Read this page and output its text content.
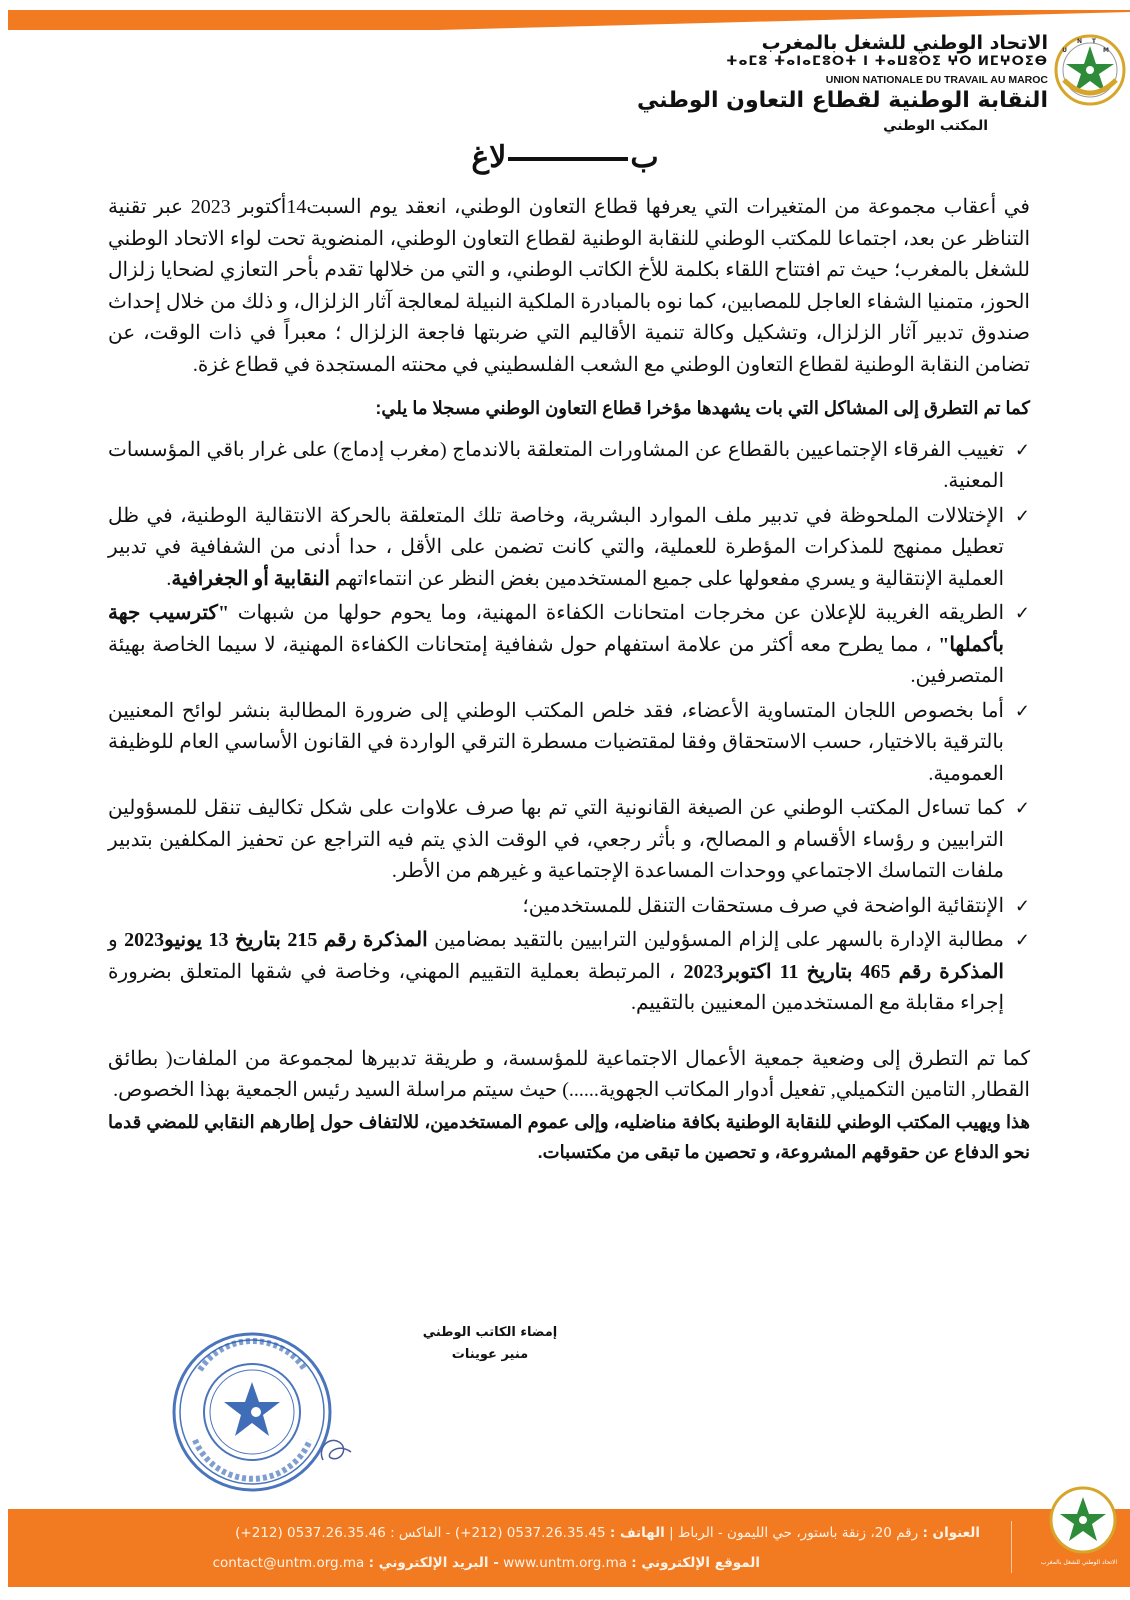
U
N T
M
الاتحاد الوطني للشغل بالمغرب
ⵜⴰⵎⵓ ⵜⴰⵏⴰⵎⵓⵔⵜ ⵏ ⵜⴰⵡⵓⵔⵉ ⵖⵔ ⵍⵎⵖⵔⵉⴱ
UNION NATIONALE DU TRAVAIL AU MAROC
النقابة الوطنية لقطاع التعاون الوطني
المكتب الوطني
بلاغ

في أعقاب مجموعة من المتغيرات التي يعرفها قطاع التعاون الوطني، انعقد يوم السبت14أكتوبر 2023 عبر تقنية التناظر عن بعد، اجتماعا للمكتب الوطني للنقابة الوطنية لقطاع التعاون الوطني، المنضوية تحت لواء الاتحاد الوطني للشغل بالمغرب؛ حيث تم افتتاح اللقاء بكلمة للأخ الكاتب الوطني، و التي من خلالها تقدم بأحر التعازي لضحايا زلزال الحوز، متمنيا الشفاء العاجل للمصابين، كما نوه بالمبادرة الملكية النبيلة لمعالجة آثار الزلزال، و ذلك من خلال إحداث صندوق تدبير آثار الزلزال، وتشكيل وكالة تنمية الأقاليم التي ضربتها فاجعة الزلزال ؛ معبراً في ذات الوقت، عن تضامن النقابة الوطنية لقطاع التعاون الوطني مع الشعب الفلسطيني في محنته المستجدة في قطاع غزة.

كما تم التطرق إلى المشاكل التي بات يشهدها مؤخرا قطاع التعاون الوطني مسجلا ما يلي:

✓
تغييب الفرقاء الإجتماعيين بالقطاع عن المشاورات المتعلقة بالاندماج (مغرب إدماج) على غرار باقي المؤسسات المعنية.
✓
الإختلالات الملحوظة في تدبير ملف الموارد البشرية، وخاصة تلك المتعلقة بالحركة الانتقالية الوطنية، في ظل تعطيل ممنهج للمذكرات المؤطرة للعملية، والتي كانت تضمن على الأقل ، حدا أدنى من الشفافية في تدبير العملية الإنتقالية و يسري مفعولها على جميع المستخدمين بغض النظر عن انتماءاتهم النقابية أو الجغرافية.
✓
الطريقه الغريبة للإعلان عن مخرجات امتحانات الكفاءة المهنية، وما يحوم حولها من شبهات "كترسيب جهة بأكملها" ، مما يطرح معه أكثر من علامة استفهام حول شفافية إمتحانات الكفاءة المهنية، لا سيما الخاصة بهيئة المتصرفين.
✓
أما بخصوص اللجان المتساوية الأعضاء، فقد خلص المكتب الوطني إلى ضرورة المطالبة بنشر لوائح المعنيين بالترقية بالاختيار، حسب الاستحقاق وفقا لمقتضيات مسطرة الترقي الواردة في القانون الأساسي العام للوظيفة العمومية.
✓
كما تساءل المكتب الوطني عن الصيغة القانونية التي تم بها صرف علاوات على شكل تكاليف تنقل للمسؤولين الترابيين و رؤساء الأقسام و المصالح، و بأثر رجعي، في الوقت الذي يتم فيه التراجع عن تحفيز المكلفين بتدبير ملفات التماسك الاجتماعي ووحدات المساعدة الإجتماعية و غيرهم من الأطر.
✓
الإنتقائية الواضحة في صرف مستحقات التنقل للمستخدمين؛
✓
مطالبة الإدارة بالسهر على إلزام المسؤولين الترابيين بالتقيد بمضامين المذكرة رقم 215 بتاريخ 13 يونيو2023 و المذكرة رقم 465 بتاريخ 11 اكتوبر2023 ، المرتبطة بعملية التقييم المهني، وخاصة في شقها المتعلق بضرورة إجراء مقابلة مع المستخدمين المعنيين بالتقييم.

كما تم التطرق إلى وضعية جمعية الأعمال الاجتماعية للمؤسسة، و طريقة تدبيرها لمجموعة من الملفات( بطائق القطار, التامين التكميلي, تفعيل أدوار المكاتب الجهوية......) حيث سيتم مراسلة السيد رئيس الجمعية بهذا الخصوص.

هذا ويهيب المكتب الوطني للنقابة الوطنية بكافة مناضليه، وإلى عموم المستخدمين، للالتفاف حول إطارهم النقابي للمضي قدما نحو الدفاع عن حقوقهم المشروعة، و تحصين ما تبقى من مكتسبات.

إمضاء الكاتب الوطني
منير عوينات
الاتحاد الوطني للشغل بالمغرب
العنوان : رقم 20، زنقة باستور، حي الليمون - الرباط | الهاتف : 0537.26.35.45 (212+) - الفاكس : 0537.26.35.46 (212+)
الموقع الإلكتروني : www.untm.org.ma - البريد الإلكتروني : contact@untm.org.ma
